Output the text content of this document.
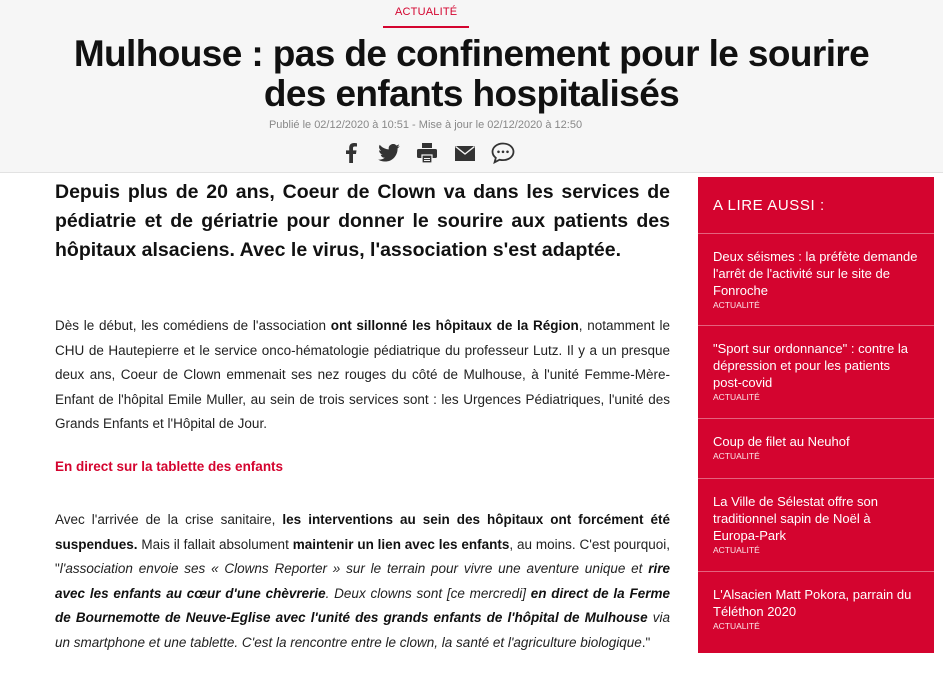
ACTUALITÉ
Mulhouse : pas de confinement pour le sourire des enfants hospitalisés
Publié le 02/12/2020 à 10:51 - Mise à jour le 02/12/2020 à 12:50

Depuis plus de 20 ans, Coeur de Clown va dans les services de pédiatrie et de gériatrie pour donner le sourire aux patients des hôpitaux alsaciens. Avec le virus, l'association s'est adaptée.

Dès le début, les comédiens de l'association ont sillonné les hôpitaux de la Région, notamment le CHU de Hautepierre et le service onco-hématologie pédiatrique du professeur Lutz. Il y a un presque deux ans, Coeur de Clown emmenait ses nez rouges du côté de Mulhouse, à l'unité Femme-Mère-Enfant de l'hôpital Emile Muller, au sein de trois services sont : les Urgences Pédiatriques, l'unité des Grands Enfants et l'Hôpital de Jour.

En direct sur la tablette des enfants

Avec l'arrivée de la crise sanitaire, les interventions au sein des hôpitaux ont forcément été suspendues. Mais il fallait absolument maintenir un lien avec les enfants, au moins. C'est pourquoi, "l'association envoie ses « Clowns Reporter » sur le terrain pour vivre une aventure unique et rire avec les enfants au cœur d'une chèvrerie. Deux clowns sont [ce mercredi] en direct de la Ferme de Bournemotte de Neuve-Eglise avec l'unité des grands enfants de l'hôpital de Mulhouse via un smartphone et une tablette. C'est la rencontre entre le clown, la santé et l'agriculture biologique."

A LIRE AUSSI :
Deux séismes : la préfète demande l'arrêt de l'activité sur le site de Fonroche
ACTUALITÉ
"Sport sur ordonnance" : contre la dépression et pour les patients post-covid
ACTUALITÉ
Coup de filet au Neuhof
ACTUALITÉ
La Ville de Sélestat offre son traditionnel sapin de Noël à Europa-Park
ACTUALITÉ
L'Alsacien Matt Pokora, parrain du Téléthon 2020
ACTUALITÉ
